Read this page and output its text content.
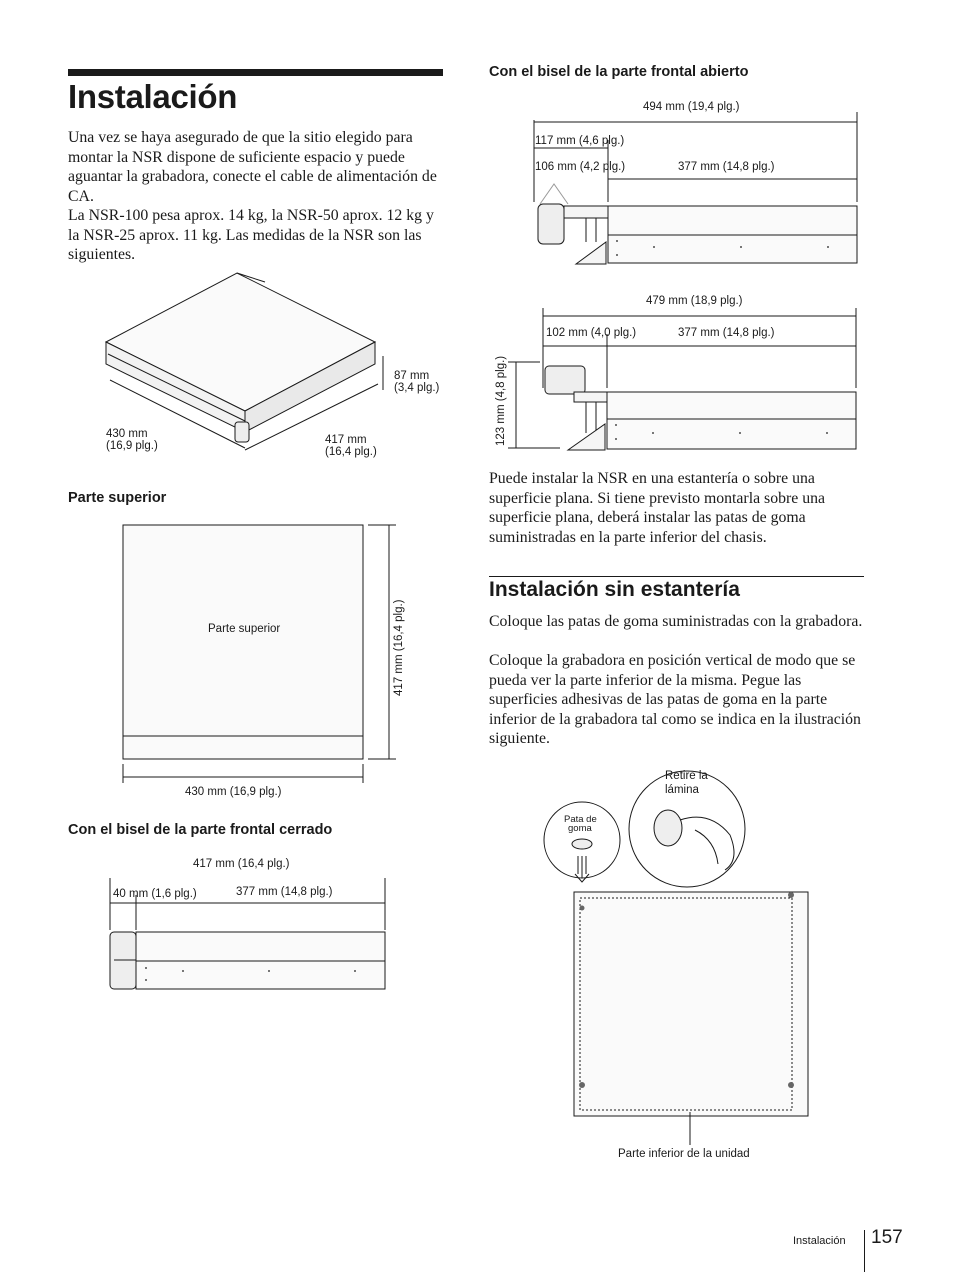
Instalación

Una vez se haya asegurado de que la sitio elegido para montar la NSR dispone de suficiente espacio y puede aguantar la grabadora, conecte el cable de alimentación de CA.

La NSR-100 pesa aprox. 14 kg, la NSR-50 aprox. 12 kg y la NSR-25 aprox. 11 kg. Las medidas de la NSR son las siguientes.

430 mm
(16,9 plg.)	417 mm
(16,4 plg.)
87 mm
(3,4 plg.)
Parte superior
Parte superior
430 mm (16,9 plg.)
417 mm (16,4 plg.)
Con el bisel de la parte frontal cerrado
417 mm (16,4 plg.)
40 mm (1,6 plg.)	377 mm (14,8 plg.)
Con el bisel de la parte frontal abierto
494 mm (19,4 plg.)
117 mm (4,6 plg.)
106 mm (4,2 plg.)	377 mm (14,8 plg.)
479 mm (18,9 plg.)
102 mm (4,0 plg.)	377 mm (14,8 plg.)
123 mm (4,8 plg.)

Puede instalar la NSR en una estantería o sobre una superficie plana. Si tiene previsto montarla sobre una superficie plana, deberá instalar las patas de goma suministradas en la parte inferior del chasis.

Instalación sin estantería

Coloque las patas de goma suministradas con la grabadora.

Coloque la grabadora en posición vertical de modo que se pueda ver la parte inferior de la misma. Pegue las superficies adhesivas de las patas de goma en la parte inferior de la grabadora tal como se indica en la ilustración siguiente.

Pata de
goma
Retire la
lámina
Parte inferior de la unidad
Instalación 157
